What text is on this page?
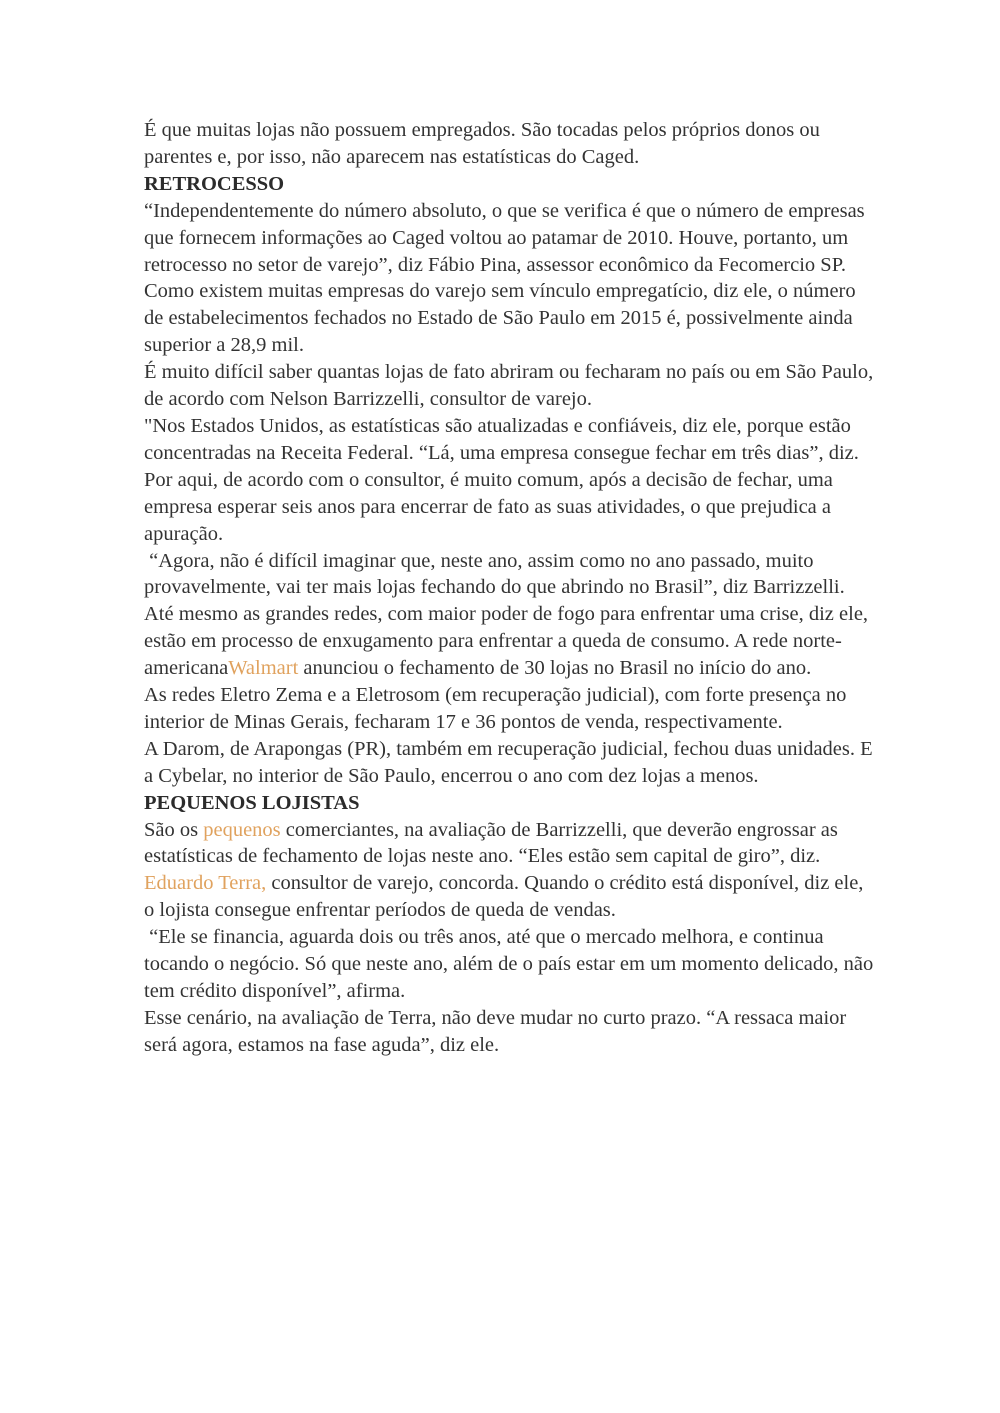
É que muitas lojas não possuem empregados. São tocadas pelos próprios donos ou parentes e, por isso, não aparecem nas estatísticas do Caged.

RETROCESSO

“Independentemente do número absoluto, o que se verifica é que o número de empresas que fornecem informações ao Caged voltou ao patamar de 2010. Houve, portanto, um retrocesso no setor de varejo”, diz Fábio Pina, assessor econômico da Fecomercio SP.

Como existem muitas empresas do varejo sem vínculo empregatício, diz ele, o número de estabelecimentos fechados no Estado de São Paulo em 2015 é, possivelmente ainda superior a 28,9 mil.

É muito difícil saber quantas lojas de fato abriram ou fecharam no país ou em São Paulo, de acordo com Nelson Barrizzelli, consultor de varejo.

"Nos Estados Unidos, as estatísticas são atualizadas e confiáveis, diz ele, porque estão concentradas na Receita Federal. “Lá, uma empresa consegue fechar em três dias”, diz.

Por aqui, de acordo com o consultor, é muito comum, após a decisão de fechar, uma empresa esperar seis anos para encerrar de fato as suas atividades, o que prejudica a apuração.

“Agora, não é difícil imaginar que, neste ano, assim como no ano passado, muito provavelmente, vai ter mais lojas fechando do que abrindo no Brasil”, diz Barrizzelli.

Até mesmo as grandes redes, com maior poder de fogo para enfrentar uma crise, diz ele, estão em processo de enxugamento para enfrentar a queda de consumo. A rede norte-americanaWalmart anunciou o fechamento de 30 lojas no Brasil no início do ano.

As redes Eletro Zema e a Eletrosom (em recuperação judicial), com forte presença no interior de Minas Gerais, fecharam 17 e 36 pontos de venda, respectivamente.

A Darom, de Arapongas (PR), também em recuperação judicial, fechou duas unidades. E a Cybelar, no interior de São Paulo, encerrou o ano com dez lojas a menos.

PEQUENOS LOJISTAS

São os pequenos comerciantes, na avaliação de Barrizzelli, que deverão engrossar as estatísticas de fechamento de lojas neste ano. “Eles estão sem capital de giro”, diz.

Eduardo Terra, consultor de varejo, concorda. Quando o crédito está disponível, diz ele, o lojista consegue enfrentar períodos de queda de vendas.

“Ele se financia, aguarda dois ou três anos, até que o mercado melhora, e continua tocando o negócio. Só que neste ano, além de o país estar em um momento delicado, não tem crédito disponível”, afirma.

Esse cenário, na avaliação de Terra, não deve mudar no curto prazo. “A ressaca maior será agora, estamos na fase aguda”, diz ele.
